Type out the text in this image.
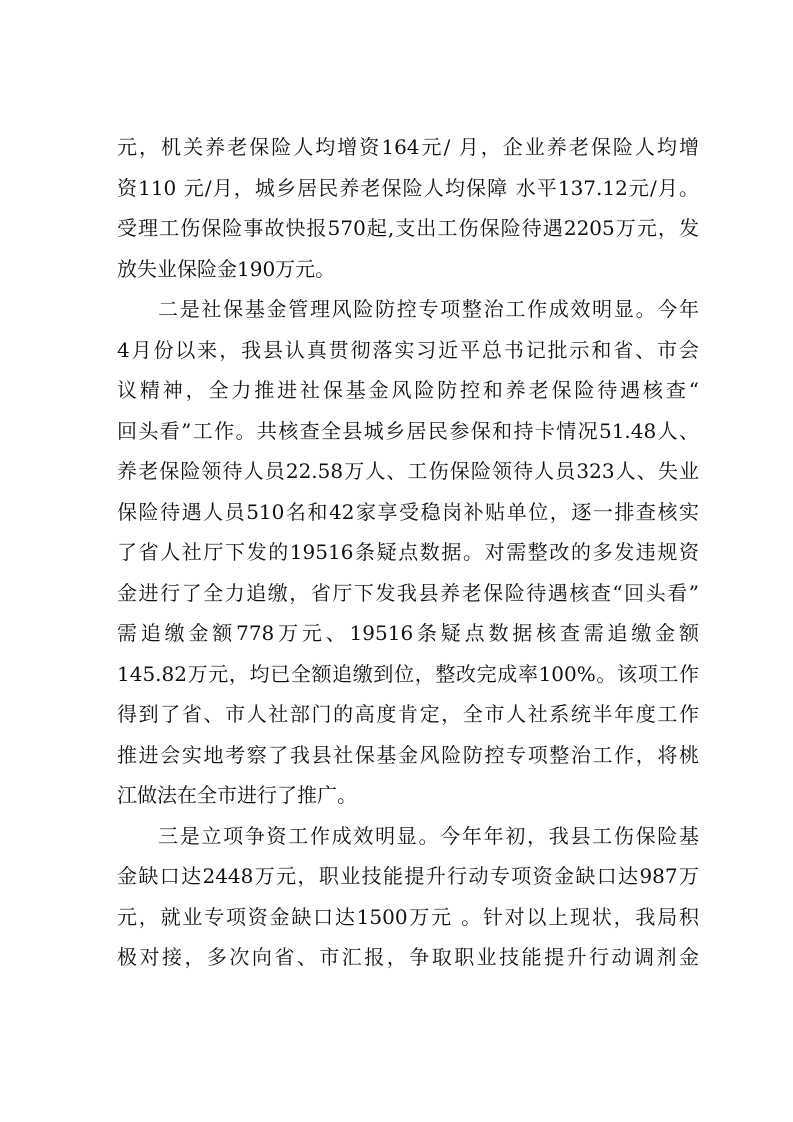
元，机关养老保险人均增资164元/ 月，企业养老保险人均增
资110 元/月，城乡居民养老保险人均保障 水平137.12元/月。
受理工伤保险事故快报570起,支出工伤保险待遇2205万元，发
放失业保险金190万元。
二是社保基金管理风险防控专项整治工作成效明显。今年
4月份以来，我县认真贯彻落实习近平总书记批示和省、市会
议精神，全力推进社保基金风险防控和养老保险待遇核查“
回头看”工作。共核查全县城乡居民参保和持卡情况51.48人、
养老保险领待人员22.58万人、工伤保险领待人员323人、失业
保险待遇人员510名和42家享受稳岗补贴单位，逐一排查核实
了省人社厅下发的19516条疑点数据。对需整改的多发违规资
金进行了全力追缴，省厅下发我县养老保险待遇核查“回头看”
需追缴金额778万元、19516条疑点数据核查需追缴金额
145.82万元，均已全额追缴到位，整改完成率100%。该项工作
得到了省、市人社部门的高度肯定，全市人社系统半年度工作
推进会实地考察了我县社保基金风险防控专项整治工作，将桃
江做法在全市进行了推广。
三是立项争资工作成效明显。今年年初，我县工伤保险基
金缺口达2448万元，职业技能提升行动专项资金缺口达987万
元，就业专项资金缺口达1500万元 。针对以上现状，我局积
极对接，多次向省、市汇报，争取职业技能提升行动调剂金
